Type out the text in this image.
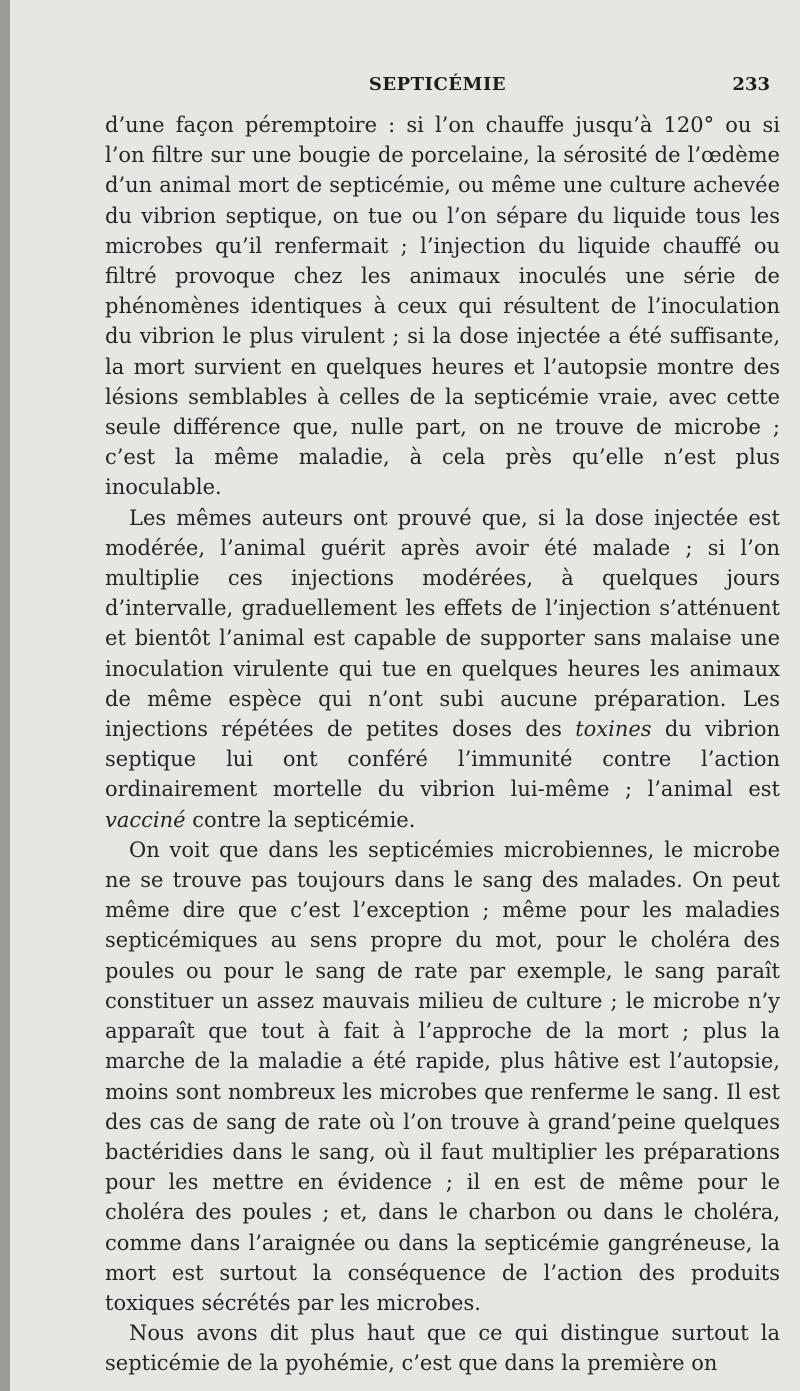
SEPTICÉMIE	233

d’une façon péremptoire : si l’on chauffe jusqu’à 120° ou si l’on filtre sur une bougie de porcelaine, la sérosité de l’œdème d’un animal mort de septicémie, ou même une culture achevée du vibrion septique, on tue ou l’on sépare du liquide tous les microbes qu’il renfermait ; l’injection du liquide chauffé ou filtré provoque chez les animaux inoculés une série de phénomènes identiques à ceux qui résultent de l’inoculation du vibrion le plus virulent ; si la dose injectée a été suffisante, la mort survient en quelques heures et l’autopsie montre des lésions semblables à celles de la septicémie vraie, avec cette seule différence que, nulle part, on ne trouve de microbe ; c’est la même maladie, à cela près qu’elle n’est plus inoculable.

Les mêmes auteurs ont prouvé que, si la dose injectée est modérée, l’animal guérit après avoir été malade ; si l’on multiplie ces injections modérées, à quelques jours d’intervalle, graduellement les effets de l’injection s’atténuent et bientôt l’animal est capable de supporter sans malaise une inoculation virulente qui tue en quelques heures les animaux de même espèce qui n’ont subi aucune préparation. Les injections répétées de petites doses des toxines du vibrion septique lui ont conféré l’immunité contre l’action ordinairement mortelle du vibrion lui-même ; l’animal est vacciné contre la septicémie.

On voit que dans les septicémies microbiennes, le microbe ne se trouve pas toujours dans le sang des malades. On peut même dire que c’est l’exception ; même pour les maladies septicémiques au sens propre du mot, pour le choléra des poules ou pour le sang de rate par exemple, le sang paraît constituer un assez mauvais milieu de culture ; le microbe n’y apparaît que tout à fait à l’approche de la mort ; plus la marche de la maladie a été rapide, plus hâtive est l’autopsie, moins sont nombreux les microbes que renferme le sang. Il est des cas de sang de rate où l’on trouve à grand’peine quelques bactéridies dans le sang, où il faut multiplier les préparations pour les mettre en évidence ; il en est de même pour le choléra des poules ; et, dans le charbon ou dans le choléra, comme dans l’araignée ou dans la septicémie gangréneuse, la mort est surtout la conséquence de l’action des produits toxiques sécrétés par les microbes.

Nous avons dit plus haut que ce qui distingue surtout la septicémie de la pyohémie, c’est que dans la première on
